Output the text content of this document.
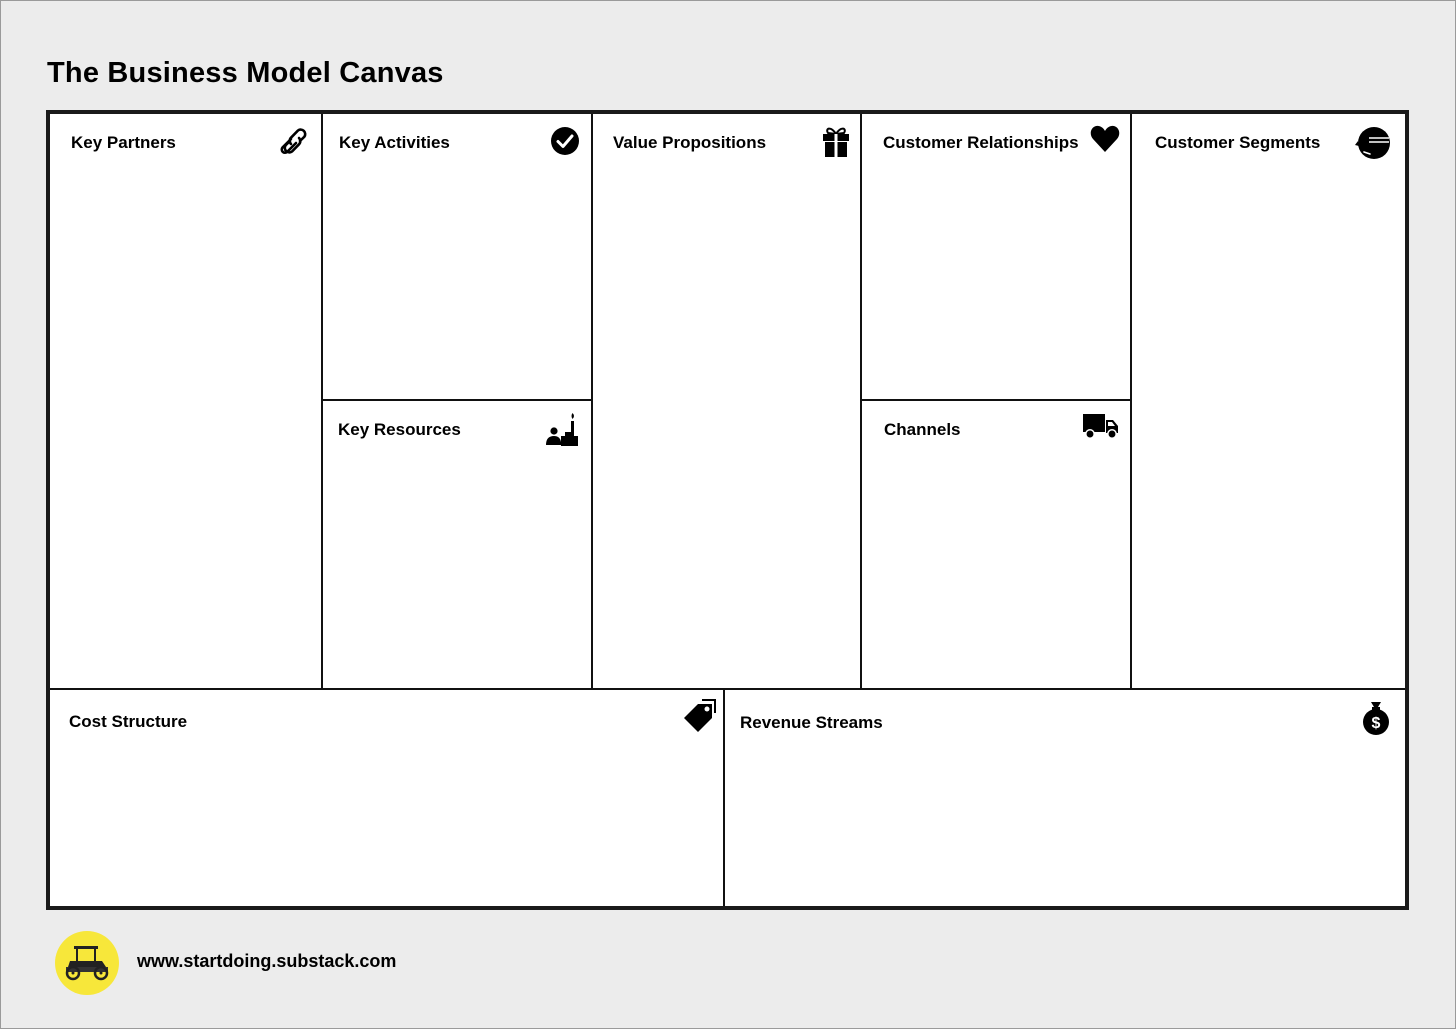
The Business Model Canvas
Key Partners	Key Activities
Key Resources
Value Propositions	Customer Relationships
Channels
Customer Segments
Cost Structure	Revenue Streams	$
www.startdoing.substack.com
